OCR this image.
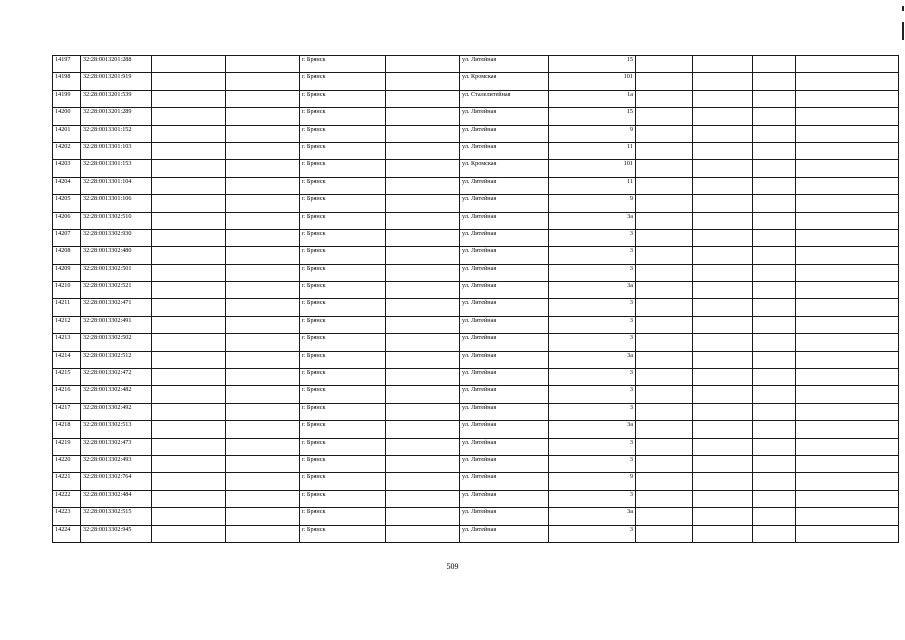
14197	32:28:0013201:288			г. Брянск		ул. Литейная	15				
14198	32:28:0013201:919			г. Брянск		ул. Кромская	101				
14199	32:28:0013201:539			г. Брянск		ул. Сталелитейная	1а				
14200	32:28:0013201:289			г. Брянск		ул. Литейная	15				
14201	32:28:0013301:152			г. Брянск		ул. Литейная	9				
14202	32:28:0013301:103			г. Брянск		ул. Литейная	11				
14203	32:28:0013301:153			г. Брянск		ул. Кромская	101				
14204	32:28:0013301:104			г. Брянск		ул. Литейная	11				
14205	32:28:0013301:106			г. Брянск		ул. Литейная	9				
14206	32:28:0013302:510			г. Брянск		ул. Литейная	3а				
14207	32:28:0013302:930			г. Брянск		ул. Литейная	3				
14208	32:28:0013302:480			г. Брянск		ул. Литейная	3				
14209	32:28:0013302:501			г. Брянск		ул. Литейная	3				
14210	32:28:0013302:521			г. Брянск		ул. Литейная	3а				
14211	32:28:0013302:471			г. Брянск		ул. Литейная	3				
14212	32:28:0013302:491			г. Брянск		ул. Литейная	3				
14213	32:28:0013302:502			г. Брянск		ул. Литейная	3				
14214	32:28:0013302:512			г. Брянск		ул. Литейная	3а				
14215	32:28:0013302:472			г. Брянск		ул. Литейная	3				
14216	32:28:0013302:482			г. Брянск		ул. Литейная	3				
14217	32:28:0013302:492			г. Брянск		ул. Литейная	3				
14218	32:28:0013302:513			г. Брянск		ул. Литейная	3а				
14219	32:28:0013302:473			г. Брянск		ул. Литейная	3				
14220	32:28:0013302:493			г. Брянск		ул. Литейная	3				
14221	32:28:0013302:764			г. Брянск		ул. Литейная	9				
14222	32:28:0013302:484			г. Брянск		ул. Литейная	3				
14223	32:28:0013302:515			г. Брянск		ул. Литейная	3а				
14224	32:28:0013302:945			г. Брянск		ул. Литейная	3				
509
